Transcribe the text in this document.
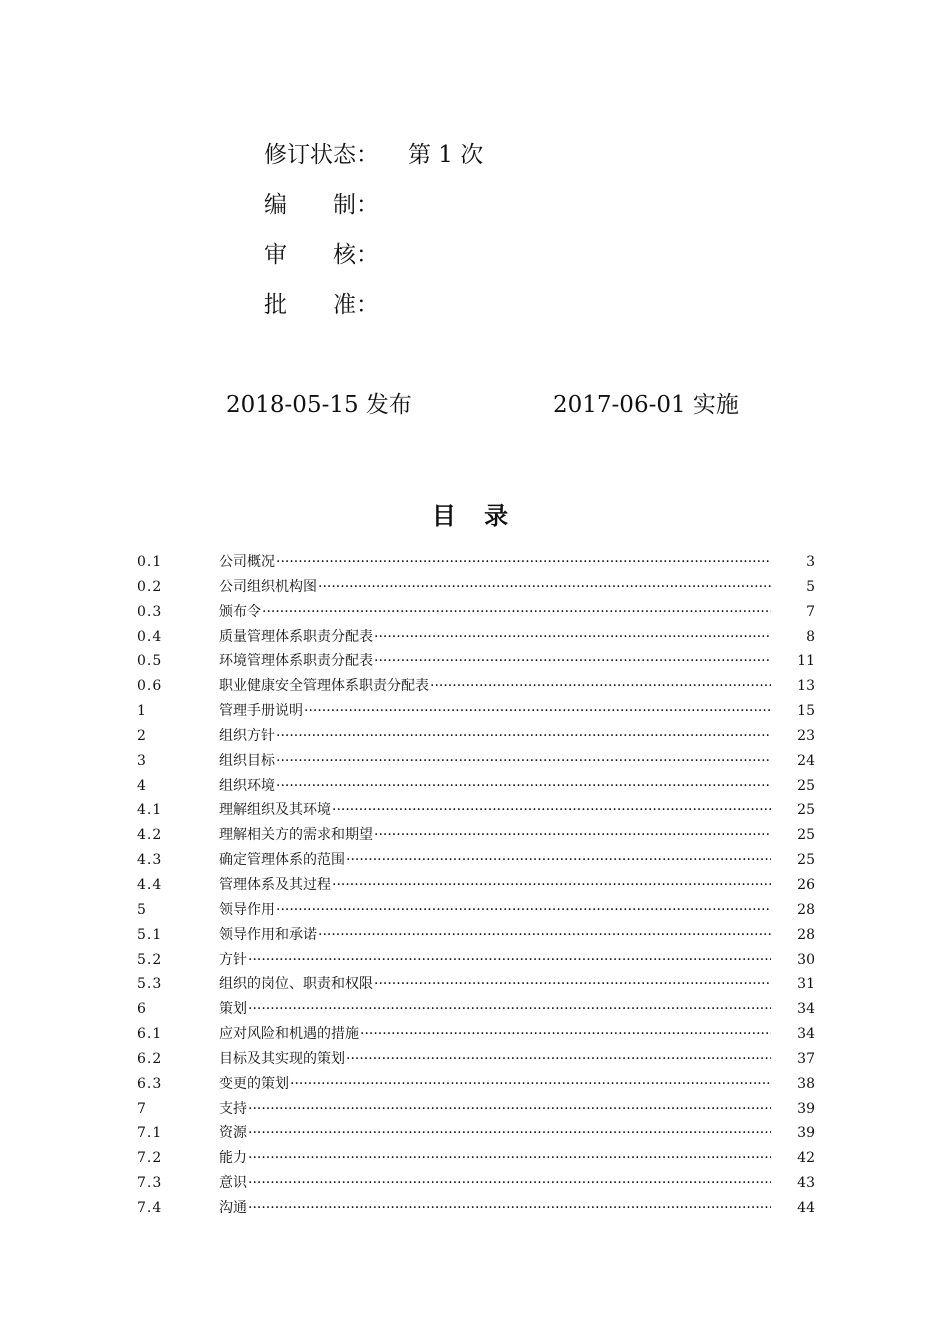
修订状态： 第 1 次
编　　制：
审　　核：
批　　准：
2018-05-15 发布	2017-06-01 实施
目 录
0.1	公司概况 ·····	3
0.2	公司组织机构图 ·····	5
0.3	颁布令 ·····	7
0.4	质量管理体系职责分配表 ·····	8
0.5	环境管理体系职责分配表 ·····	11
0.6	职业健康安全管理体系职责分配表 ·····	13
1	管理手册说明 ·····	15
2	组织方针 ·····	23
3	组织目标 ·····	24
4	组织环境 ·····	25
4.1	理解组织及其环境 ·····	25
4.2	理解相关方的需求和期望 ·····	25
4.3	确定管理体系的范围 ·····	25
4.4	管理体系及其过程 ·····	26
5	领导作用 ·····	28
5.1	领导作用和承诺 ·····	28
5.2	方针 ·····	30
5.3	组织的岗位、职责和权限 ·····	31
6	策划 ·····	34
6.1	应对风险和机遇的措施 ·····	34
6.2	目标及其实现的策划 ·····	37
6.3	变更的策划 ·····	38
7	支持 ·····	39
7.1	资源 ·····	39
7.2	能力 ·····	42
7.3	意识 ·····	43
7.4	沟通 ·····	44
